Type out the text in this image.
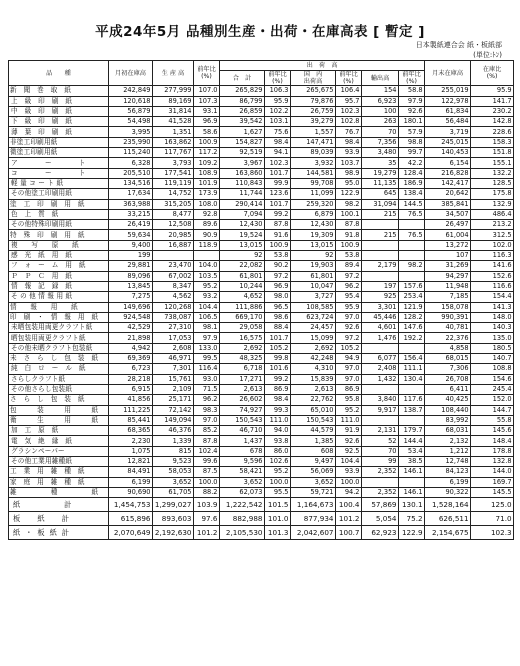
平成24年5月 品種別生産・出荷・在庫高表 [ 暫定 ]
日本製紙連合会 紙・板紙部
(単位:ﾄﾝ)
品　　種	月初在庫高	生 産 高	前年比
(%)	出　荷　高						月末在庫高	在庫比
(%)
				合　計	前年比
(%)	国　内
出荷高	前年比
(%)	輸出高	前年比
(%)		

新　聞　巻　取　紙	242,849	277,999	107.0	265,829	106.3	265,675	106.4	154	58.8	255,019	95.9
上　級　印　刷　紙	120,618	89,169	107.3	86,799	95.9	79,876	95.7	6,923	97.9	122,978	141.7
中　級　印　刷　紙	56,879	31,814	93.1	26,859	102.2	26,759	102.3	100	92.6	61,834	230.2
下　級　印　刷　紙	54,498	41,528	96.9	39,542	103.1	39,279	102.8	263	180.1	56,484	142.8
薄　葉　印　刷　紙	3,995	1,351	58.6	1,627	75.6	1,557	76.7	70	57.9	3,719	228.6
非塗工印刷用紙	235,990	163,862	100.9	154,827	98.4	147,471	98.4	7,356	98.8	245,015	158.3
微塗工印刷用紙	115,240	117,767	117.2	92,519	94.1	89,039	93.9	3,480	99.7	140,453	151.8
ア　　　　ー　　　　ト	6,328	3,793	109.2	3,967	102.3	3,932	103.7	35	42.2	6,154	155.1
コ　　　　ー　　　　ト	205,510	177,541	108.9	163,860	101.7	144,581	98.9	19,279	128.4	216,828	132.2
軽 量 コ ー ト 紙	134,516	119,119	101.9	110,843	99.9	99,708	95.0	11,135	186.9	142,417	128.5
その他塗工印刷用紙	17,634	14,752	173.9	11,744	123.6	11,099	122.9	645	138.4	20,642	175.8
塗　工　印　刷　用　紙	363,988	315,205	108.0	290,414	101.7	259,320	98.2	31,094	144.5	385,841	132.9
色　上　質　紙	33,215	8,477	92.8	7,094	99.2	6,879	100.1	215	76.5	34,507	486.4
その他特殊印刷用紙	26,419	12,508	89.6	12,430	87.8	12,430	87.8			26,497	213.2
特　殊　印　刷　用　紙	59,634	20,985	90.9	19,524	91.6	19,309	91.8	215	76.5	61,004	312.5
複　　写　　原　　紙	9,400	16,887	118.9	13,015	100.9	13,015	100.9			13,272	102.0
感　光　紙　用　紙	199			92	53.8	92	53.8			107	116.3
フ　ォ　ー　ム　用　紙	29,881	23,470	104.0	22,082	90.2	19,903	89.4	2,179	98.2	31,269	141.6
Ｐ　Ｐ　Ｃ　用　紙	89,096	67,002	103.5	61,801	97.2	61,801	97.2			94,297	152.6
情　報　記　録　紙	13,845	8,347	95.2	10,244	96.9	10,047	96.2	197	157.6	11,948	116.6
そ の 他 情 報 用 紙	7,275	4,562	93.2	4,652	98.0	3,727	95.4	925	253.4	7,185	154.4
情　　報　　用　　紙	149,696	120,268	104.4	111,886	96.5	108,585	95.9	3,301	121.9	158,078	141.3
印　刷　・　情　報　用　紙	924,548	738,087	106.5	669,170	98.6	623,724	97.0	45,446	128.2	990,391	148.0
未晒包装用両更クラフト紙	42,529	27,310	98.1	29,058	88.4	24,457	92.6	4,601	147.6	40,781	140.3
晒包装用両更クラフト紙	21,898	17,053	97.9	16,575	101.7	15,099	97.2	1,476	192.2	22,376	135.0
その他未晒クラフト包装紙	4,942	2,608	133.0	2,692	105.2	2,692	105.2			4,858	180.5
未　さ　ら　し　包　装　紙	69,369	46,971	99.5	48,325	99.8	42,248	94.9	6,077	156.4	68,015	140.7
純　白　ロ　ー　ル　紙	6,723	7,301	116.4	6,718	101.6	4,310	97.0	2,408	111.1	7,306	108.8
さらしクラフト紙	28,218	15,761	93.0	17,271	99.2	15,839	97.0	1,432	130.4	26,708	154.6
その他さらし包装紙	6,915	2,109	71.5	2,613	86.9	2,613	86.9			6,411	245.4
さ　ら　し　包　装　紙	41,856	25,171	96.2	26,602	98.4	22,762	95.8	3,840	117.6	40,425	152.0
包　　　装　　　用　　　紙	111,225	72,142	98.3	74,927	99.3	65,010	95.2	9,917	138.7	108,440	144.7
衛　　　生　　　用　　　紙	85,441	149,094	97.0	150,543	111.0	150,543	111.0			83,992	55.8
加　工　原　紙	68,365	46,376	85.2	46,710	94.0	44,579	91.9	2,131	179.7	68,031	145.6
電　気　絶　縁　紙	2,230	1,339	87.8	1,437	93.8	1,385	92.6	52	144.4	2,132	148.4
グラシンペーパー	1,075	815	102.4	678	86.0	608	92.5	70	53.4	1,212	178.8
その他工業用雑種紙	12,821	9,523	99.6	9,596	102.6	9,497	104.4	99	38.5	12,748	132.8
工　業　用　雑　種　紙	84,491	58,053	87.5	58,421	95.2	56,069	93.9	2,352	146.1	84,123	144.0
家　庭　用　雑　種　紙	6,199	3,652	100.0	3,652	100.0	3,652	100.0			6,199	169.7
雑　　　　　種　　　　　紙	90,690	61,705	88.2	62,073	95.5	59,721	94.2	2,352	146.1	90,322	145.5
紙 　　 計	1,454,753	1,299,027	103.9	1,222,542	101.5	1,164,673	100.4	57,869	130.1	1,528,164	125.0
板　紙　計	615,896	893,603	97.6	882,988	101.0	877,934	101.2	5,054	75.2	626,511	71.0
紙・板紙計	2,070,649	2,192,630	101.2	2,105,530	101.3	2,042,607	100.7	62,923	122.9	2,154,675	102.3
